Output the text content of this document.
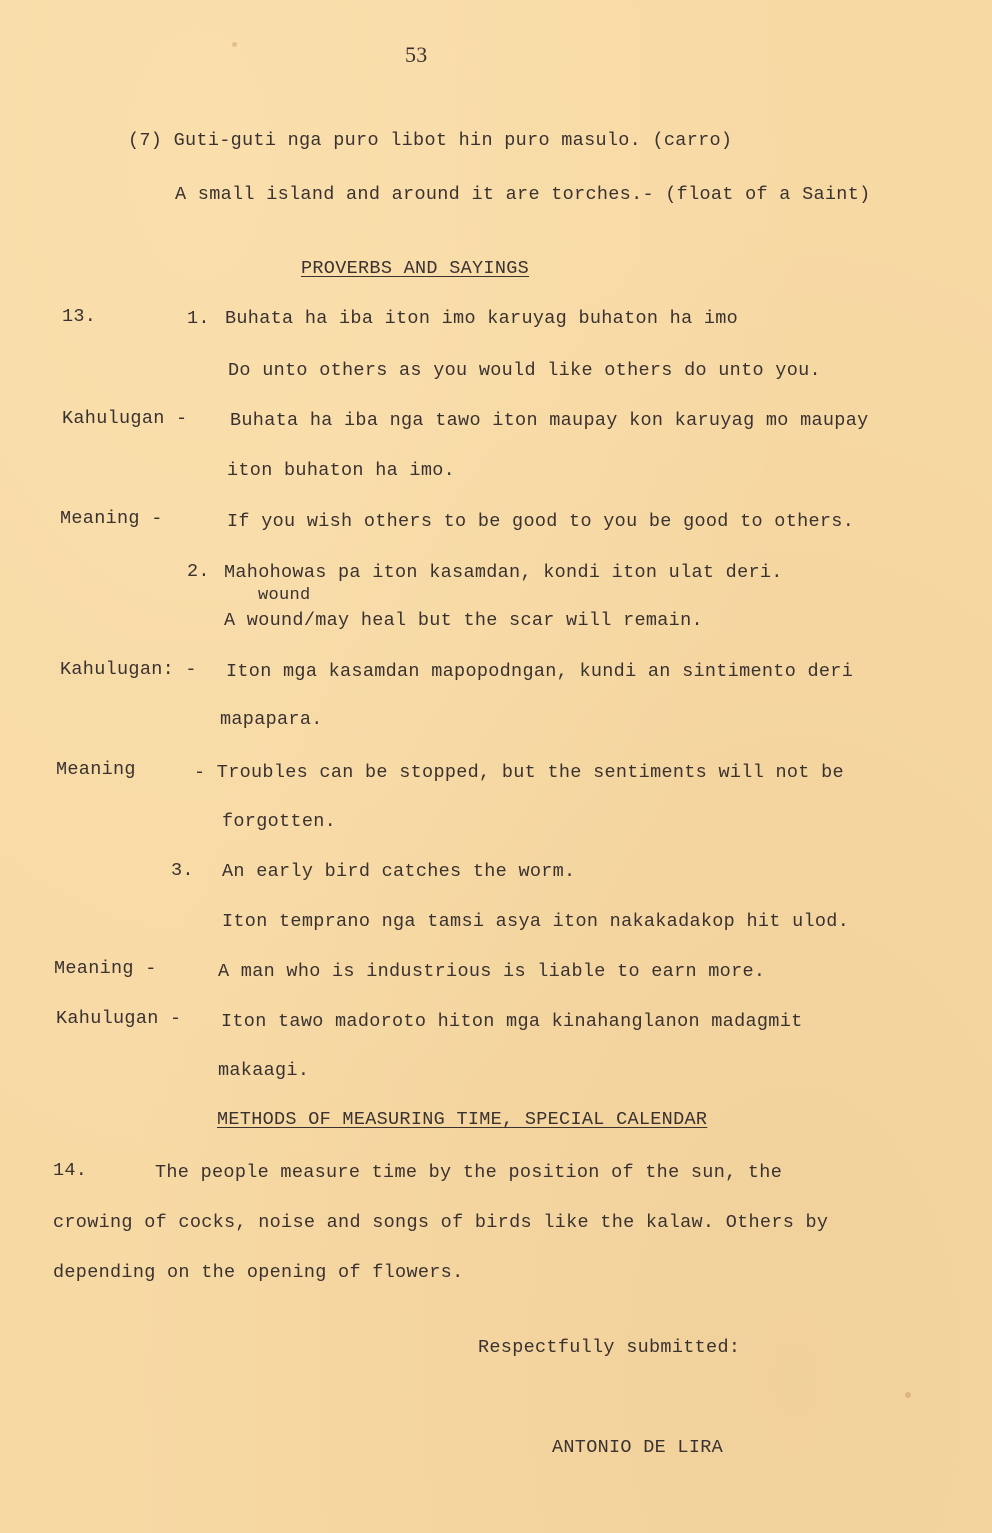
53
(7) Guti-guti nga puro libot hin puro masulo. (carro)
A small island and around it are torches.- (float of a Saint)
PROVERBS AND SAYINGS
13.	1. Buhata ha iba iton imo karuyag buhaton ha imo
Do unto others as you would like others do unto you.
Kahulugan - Buhata ha iba nga tawo iton maupay kon karuyag mo maupay
iton buhaton ha imo.
Meaning -	If you wish others to be good to you be good to others.
2. Mahohowas pa iton kasamdan, kondi iton ulat deri.
wound
A wound/may heal but the scar will remain.
Kahulugan: - Iton mga kasamdan mapopodngan, kundi an sintimento deri
mapapara.
Meaning	- Troubles can be stopped, but the sentiments will not be
forgotten.
3. An early bird catches the worm.
Iton temprano nga tamsi asya iton nakakadakop hit ulod.
Meaning -	A man who is industrious is liable to earn more.
Kahulugan - Iton tawo madoroto hiton mga kinahanglanon madagmit
makaagi.
METHODS OF MEASURING TIME, SPECIAL CALENDAR
14.	The people measure time by the position of the sun, the
crowing of cocks, noise and songs of birds like the kalaw. Others by
depending on the opening of flowers.
Respectfully submitted:
ANTONIO DE LIRA
